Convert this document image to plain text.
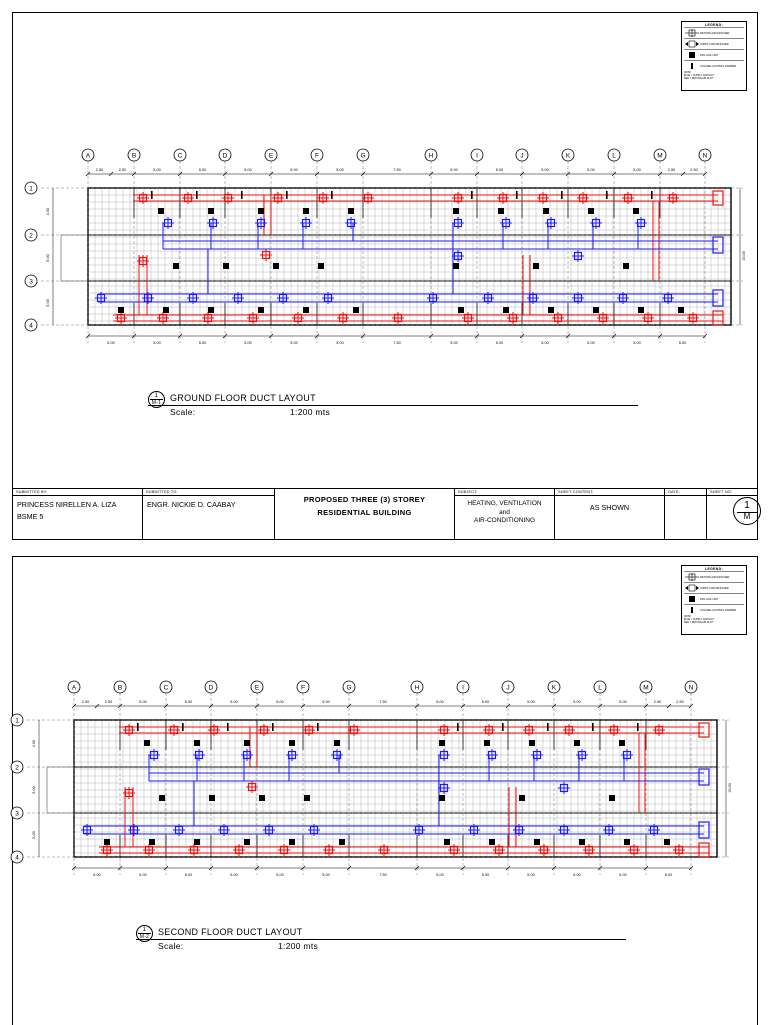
LEGEND:
RETURN AIR DIFFUSER
SUPPLY AIR DIFFUSER
FAN COIL UNIT
VOLUME CONTROL DAMPER
NOTE:
BLUE = SUPPLY AIR DUCT
RED = RETURN AIR DUCT
A	B	C	D	E	F	G	H	I	J	K	L	M	N
1
2
3
4
2.50	2.50	5.00	5.00	5.00	5.00	5.00	7.50	5.00	5.00	5.00	5.00	5.00	2.50	2.50
5.00	5.00	5.00	5.00	5.00	5.00	7.50	5.00	5.00	5.00	5.00	5.00	5.00
4.00
5.00
5.00
15.00
1
M-1 GROUND FLOOR DUCT LAYOUT
Scale:	1:200 mts
SUBMITTED BY:
PRINCESS NIRELLEN A. LIZA
BSME 5
SUBMITTED TO:
ENGR. NICKIE D. CAABAY
PROPOSED THREE (3) STOREY
RESIDENTIAL BUILDING
SUBJECT:
HEATING, VENTILATION
and
AIR-CONDITIONING
SHEET CONTENT:
AS SHOWN
DATE:	SHEET NO:
1
M
LEGEND:
RETURN AIR DIFFUSER
SUPPLY AIR DIFFUSER
FAN COIL UNIT
VOLUME CONTROL DAMPER
NOTE:
BLUE = SUPPLY AIR DUCT
RED = RETURN AIR DUCT
A	B	C	D	E	F	G	H	I	J	K	L	M	N
1
2
3
4
2.50	2.50	5.00	5.00	5.00	5.00	5.00	7.50	5.00	5.00	5.00	5.00	5.00	2.50	2.50
5.00	5.00	5.00	5.00	5.00	5.00	7.50	5.00	5.00	5.00	5.00	5.00	5.00
4.00
5.00
5.00
15.00
1
M-2 SECOND FLOOR DUCT LAYOUT
Scale:	1:200 mts
